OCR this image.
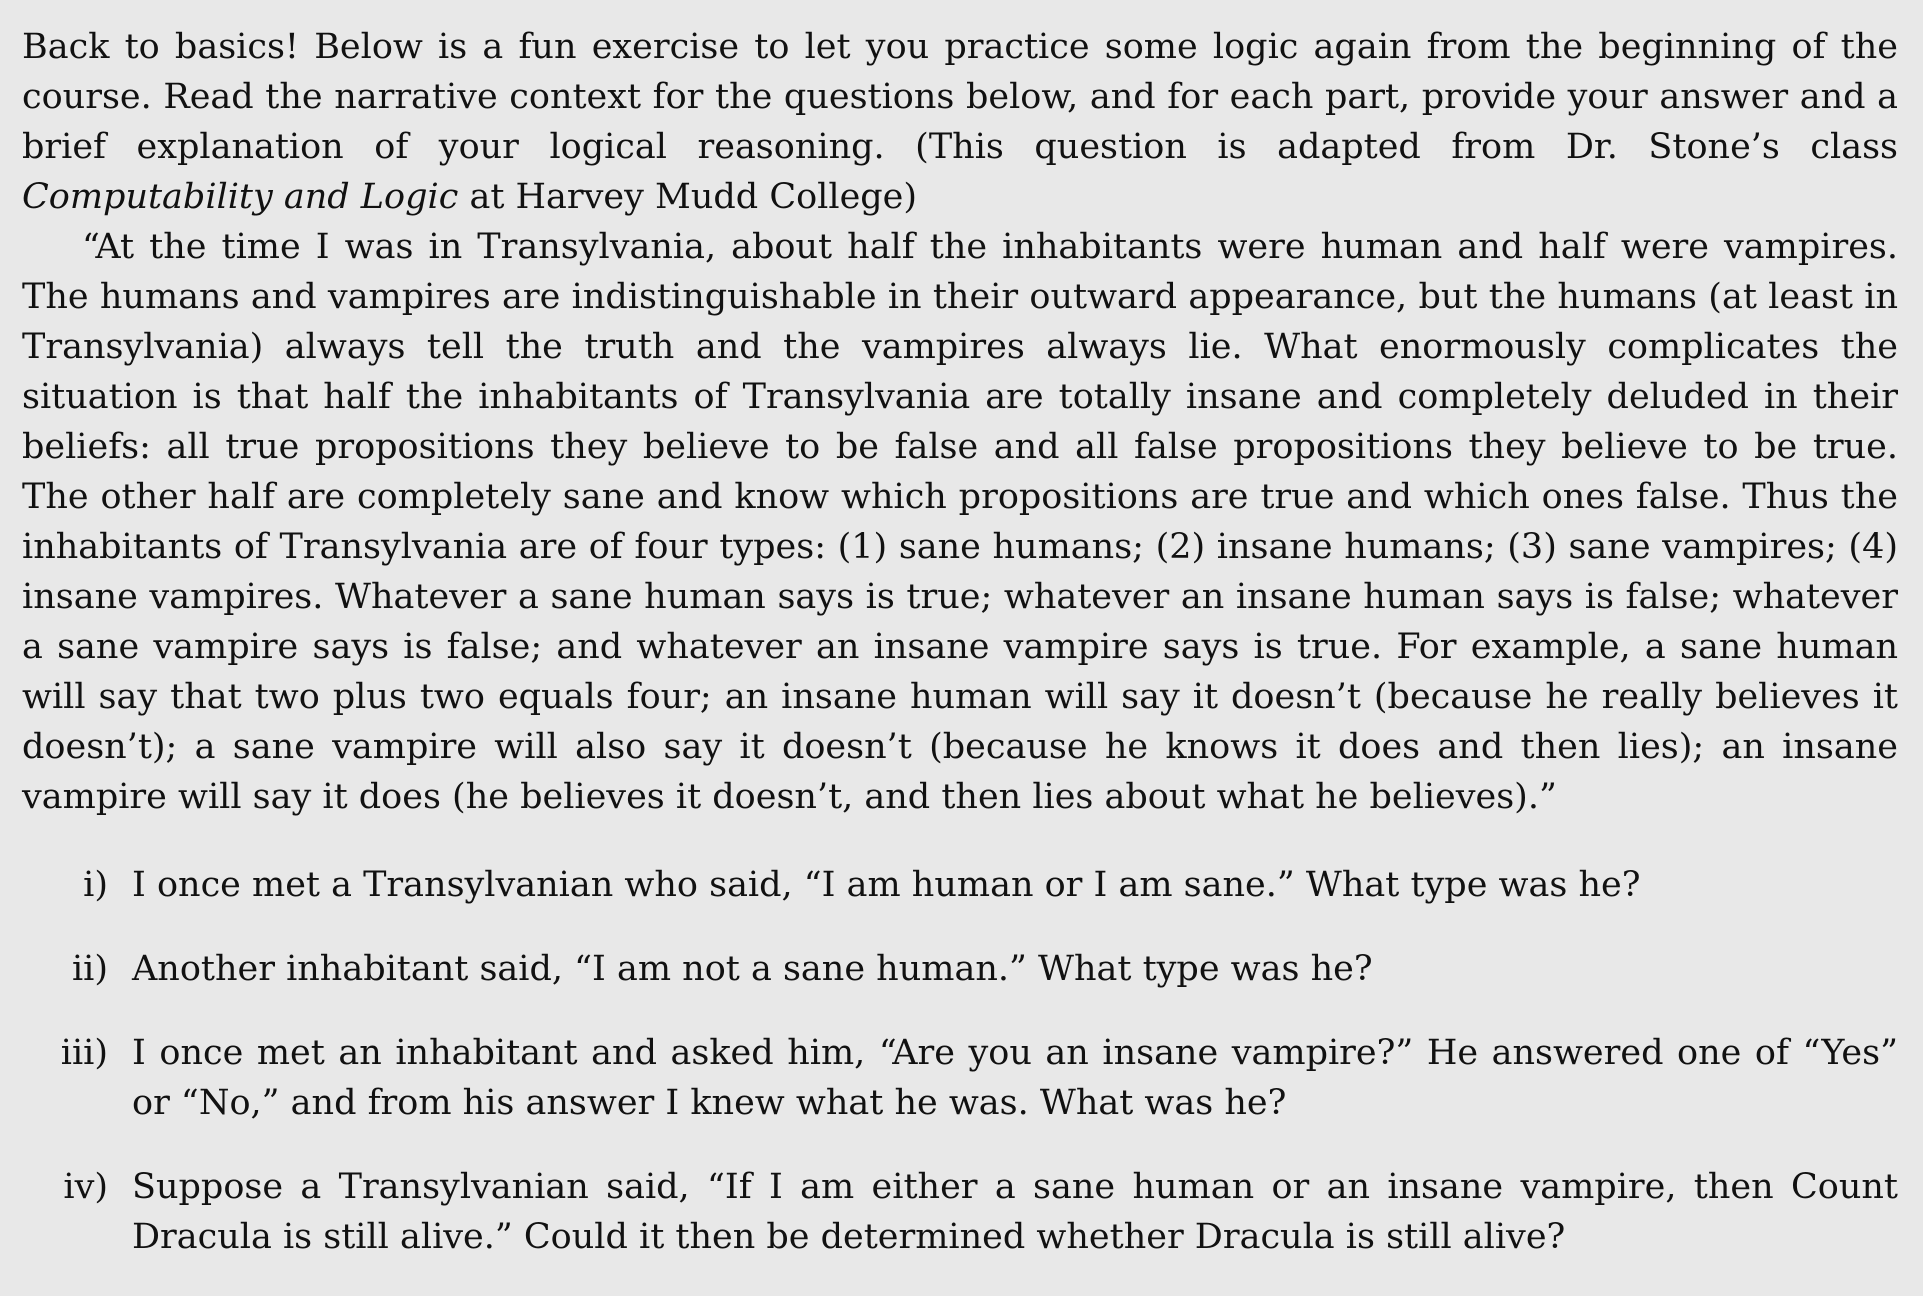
Back to basics! Below is a fun exercise to let you practice some logic again from the beginning of the course. Read the narrative context for the questions below, and for each part, provide your answer and a brief explanation of your logical reasoning. (This question is adapted from Dr. Stone’s class Computability and Logic at Harvey Mudd College)

“At the time I was in Transylvania, about half the inhabitants were human and half were vampires. The humans and vampires are indistinguishable in their outward appearance, but the humans (at least in Transylvania) always tell the truth and the vampires always lie. What enormously complicates the situation is that half the inhabitants of Transylvania are totally insane and completely deluded in their beliefs: all true propositions they believe to be false and all false propositions they believe to be true. The other half are completely sane and know which propositions are true and which ones false. Thus the inhabitants of Transylvania are of four types: (1) sane humans; (2) insane humans; (3) sane vampires; (4) insane vampires. Whatever a sane human says is true; whatever an insane human says is false; whatever a sane vampire says is false; and whatever an insane vampire says is true. For example, a sane human will say that two plus two equals four; an insane human will say it doesn’t (because he really believes it doesn’t); a sane vampire will also say it doesn’t (because he knows it does and then lies); an insane vampire will say it does (he believes it doesn’t, and then lies about what he believes).”

i) I once met a Transylvanian who said, “I am human or I am sane.” What type was he?
ii) Another inhabitant said, “I am not a sane human.” What type was he?
iii) I once met an inhabitant and asked him, “Are you an insane vampire?” He answered one of “Yes” or “No,” and from his answer I knew what he was. What was he?
iv) Suppose a Transylvanian said, “If I am either a sane human or an insane vampire, then Count Dracula is still alive.” Could it then be determined whether Dracula is still alive?
